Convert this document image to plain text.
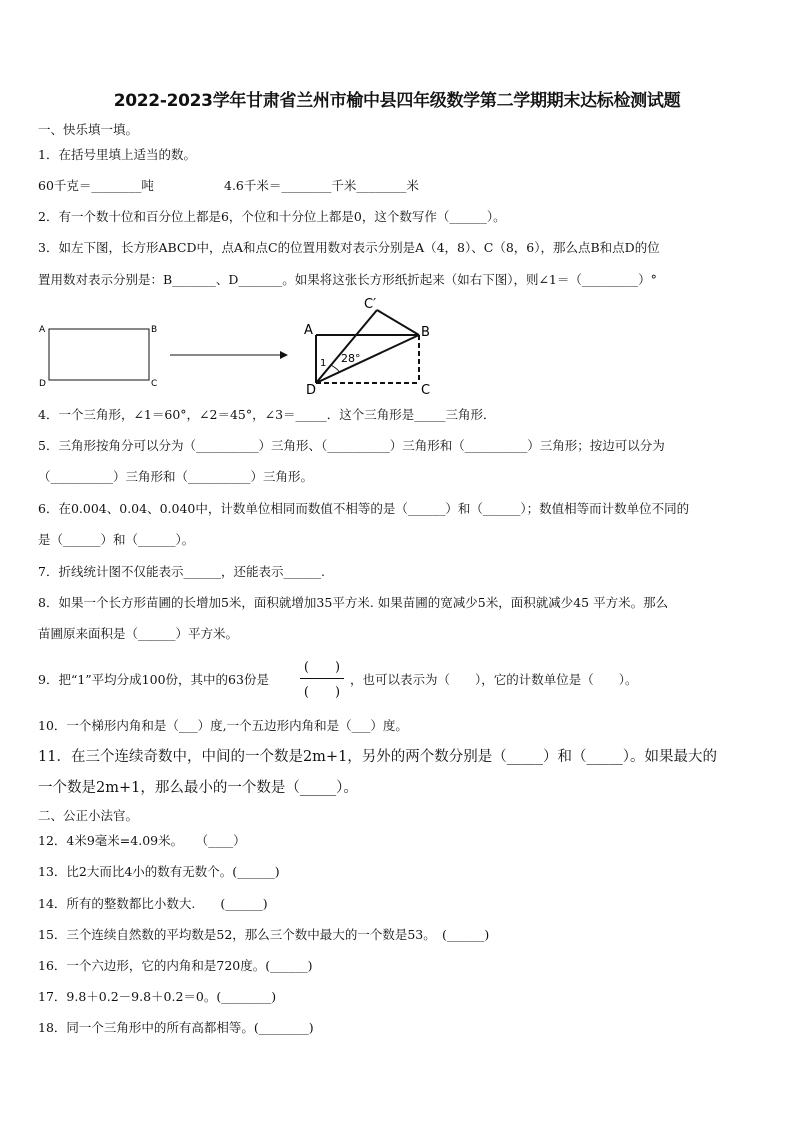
2022-2023学年甘肃省兰州市榆中县四年级数学第二学期期末达标检测试题
一、快乐填一填。
1．在括号里填上适当的数。
60千克＝________吨	4.6千米＝________千米________米
2．有一个数十位和百分位上都是6，个位和十分位上都是0，这个数写作（______）。
3．如左下图，长方形ABCD中，点A和点C的位置用数对表示分别是A（4，8）、C（8，6），那么点B和点D的位
置用数对表示分别是：B_______、D_______。如果将这张长方形纸折起来（如右下图），则∠1＝（_________）°
A	B
D	C
A	B
C′
D	C
1 28°
4．一个三角形，∠1＝60°，∠2＝45°，∠3＝_____．这个三角形是_____三角形．
5．三角形按角分可以分为（__________）三角形、（__________）三角形和（__________）三角形；按边可以分为
（__________）三角形和（__________）三角形。
6．在0.004、0.04、0.040中，计数单位相同而数值不相等的是（______）和（______）；数值相等而计数单位不同的
是（______）和（______）。
7．折线统计图不仅能表示______，还能表示______.
8．如果一个长方形苗圃的长增加5米，面积就增加35平方米. 如果苗圃的宽减少5米，面积就减少45 平方米。那么
苗圃原来面积是（______）平方米。
9．把“1”平均分成100份，其中的63份是
(　　)
(　　)
，也可以表示为（　　），它的计数单位是（　　）。
10．一个梯形内角和是（___）度,一个五边形内角和是（___）度。
11．在三个连续奇数中，中间的一个数是2m+1，另外的两个数分别是（_____）和（_____）。如果最大的
一个数是2m+1，那么最小的一个数是（_____）。
二、公正小法官。
12．4米9毫米=4.09米。　　（____）
13．比2大而比4小的数有无数个。(______)
14．所有的整数都比小数大.　　(______)
15．三个连续自然数的平均数是52，那么三个数中最大的一个数是53。　(______)
16．一个六边形，它的内角和是720度。(______)
17．9.8＋0.2－9.8＋0.2＝0。(________)
18．同一个三角形中的所有高都相等。(________)
